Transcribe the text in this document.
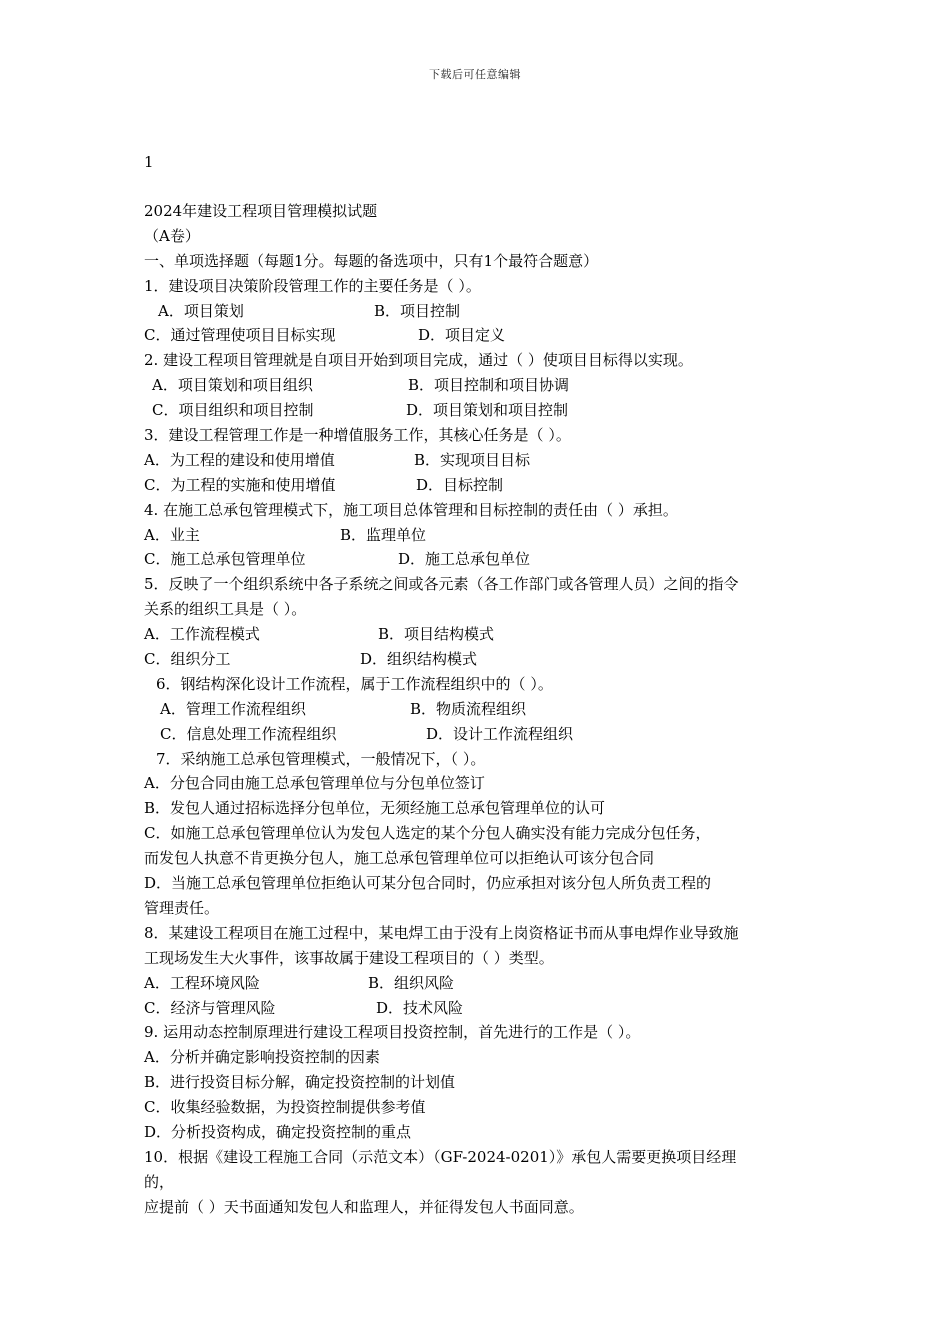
下载后可任意编辑
1
2024年建设工程项目管理模拟试题
（A卷）
一、单项选择题（每题1分。每题的备选项中，只有1个最符合题意）
1．建设项目决策阶段管理工作的主要任务是（ ）。
A．项目策划	B．项目控制
C．通过管理使项目目标实现	D．项目定义
2. 建设工程项目管理就是自项目开始到项目完成，通过（ ）使项目目标得以实现。
A．项目策划和项目组织	B．项目控制和项目协调
C．项目组织和项目控制	D．项目策划和项目控制
3．建设工程管理工作是一种增值服务工作，其核心任务是（ ）。
A．为工程的建设和使用增值	B．实现项目目标
C．为工程的实施和使用增值	D．目标控制
4. 在施工总承包管理模式下，施工项目总体管理和目标控制的责任由（ ）承担。
A．业主	B．监理单位
C．施工总承包管理单位	D．施工总承包单位
5．反映了一个组织系统中各子系统之间或各元素（各工作部门或各管理人员）之间的指令
关系的组织工具是（ ）。
A．工作流程模式	B．项目结构模式
C．组织分工	D．组织结构模式
6．钢结构深化设计工作流程，属于工作流程组织中的（ ）。
A．管理工作流程组织	B．物质流程组织
C．信息处理工作流程组织	D．设计工作流程组织
7．采纳施工总承包管理模式，一般情况下，（ ）。
A．分包合同由施工总承包管理单位与分包单位签订
B．发包人通过招标选择分包单位，无须经施工总承包管理单位的认可
C．如施工总承包管理单位认为发包人选定的某个分包人确实没有能力完成分包任务，
而发包人执意不肯更换分包人，施工总承包管理单位可以拒绝认可该分包合同
D．当施工总承包管理单位拒绝认可某分包合同时，仍应承担对该分包人所负责工程的
管理责任。
8．某建设工程项目在施工过程中，某电焊工由于没有上岗资格证书而从事电焊作业导致施
工现场发生大火事件，该事故属于建设工程项目的（ ）类型。
A．工程环境风险	B．组织风险
C．经济与管理风险	D．技术风险
9. 运用动态控制原理进行建设工程项目投资控制，首先进行的工作是（ ）。
A．分析并确定影响投资控制的因素
B．进行投资目标分解，确定投资控制的计划值
C．收集经验数据，为投资控制提供参考值
D．分析投资构成，确定投资控制的重点
10．根据《建设工程施工合同（示范文本）（GF-2024-0201）》承包人需要更换项目经理
的，
应提前（ ）天书面通知发包人和监理人，并征得发包人书面同意。
